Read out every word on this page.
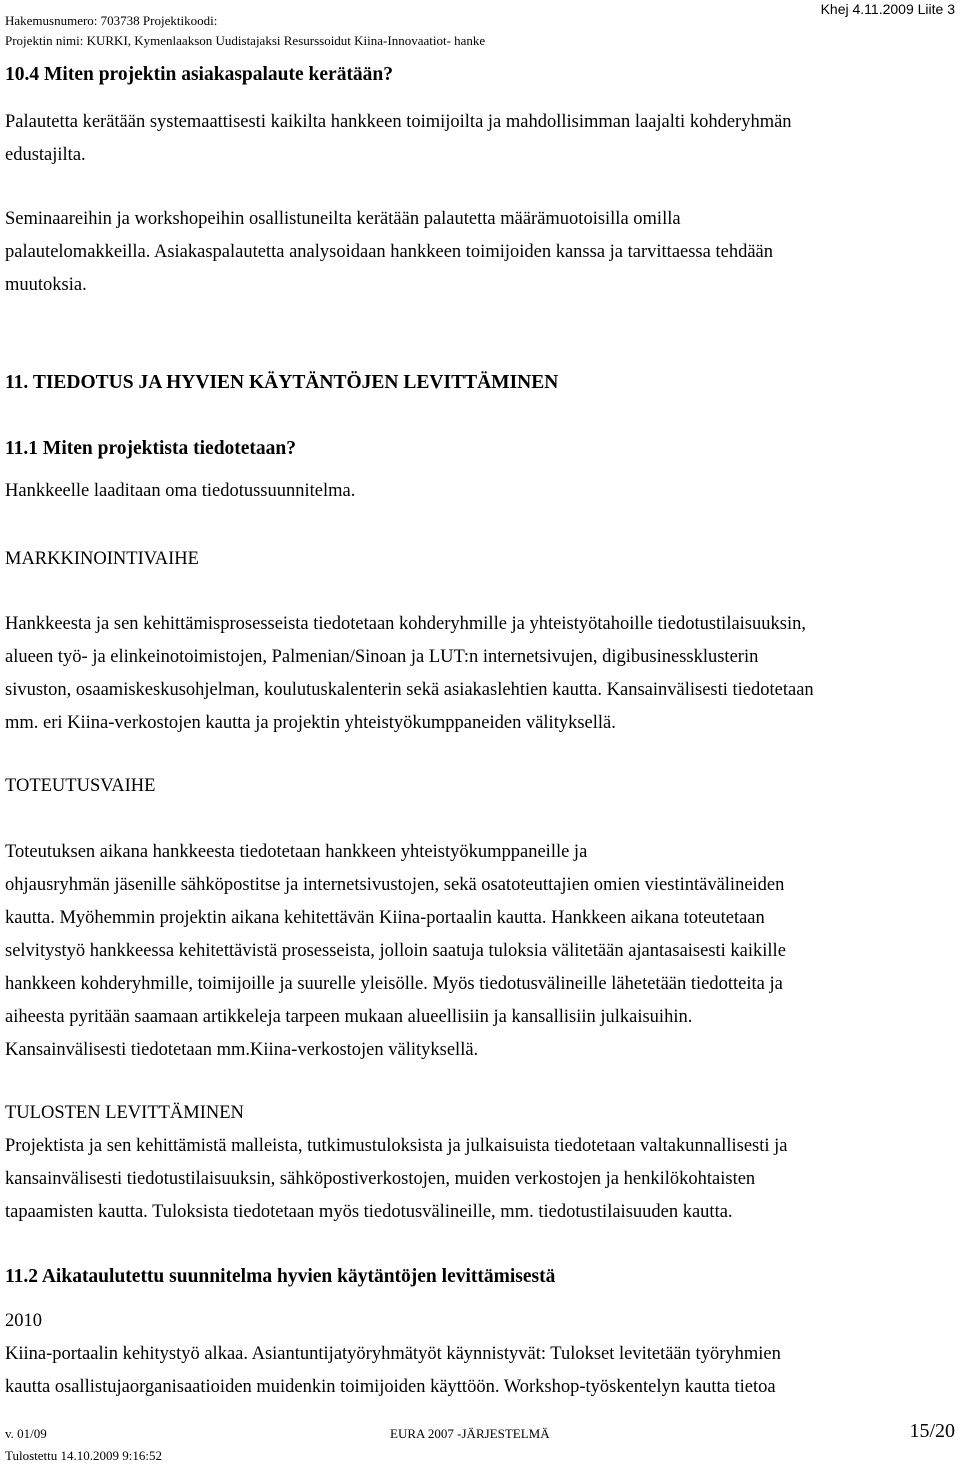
Hakemusnumero: 703738 Projektikoodi:
Projektin nimi: KURKI, Kymenlaakson Uudistajaksi Resurssoidut Kiina-Innovaatiot- hanke
Khej 4.11.2009 Liite 3
10.4 Miten projektin asiakaspalaute kerätään?
Palautetta kerätään systemaattisesti kaikilta hankkeen toimijoilta ja mahdollisimman laajalti kohderyhmän
edustajilta.
Seminaareihin ja workshopeihin osallistuneilta kerätään palautetta määrämuotoisilla omilla
palautelomakkeilla. Asiakaspalautetta analysoidaan hankkeen toimijoiden kanssa ja tarvittaessa tehdään
muutoksia.
11. TIEDOTUS JA HYVIEN KÄYTÄNTÖJEN LEVITTÄMINEN
11.1 Miten projektista tiedotetaan?
Hankkeelle laaditaan oma tiedotussuunnitelma.
MARKKINOINTIVAIHE
Hankkeesta ja sen kehittämisprosesseista tiedotetaan kohderyhmille ja yhteistyötahoille tiedotustilaisuuksin,
alueen työ- ja elinkeinotoimistojen, Palmenian/Sinoan ja LUT:n internetsivujen, digibusinessklusterin
sivuston, osaamiskeskusohjelman, koulutuskalenterin sekä asiakaslehtien kautta. Kansainvälisesti tiedotetaan
mm. eri Kiina-verkostojen kautta ja projektin yhteistyökumppaneiden välityksellä.
TOTEUTUSVAIHE
Toteutuksen aikana hankkeesta tiedotetaan hankkeen yhteistyökumppaneille ja
ohjausryhmän jäsenille sähköpostitse ja internetsivustojen, sekä osatoteuttajien omien viestintävälineiden
kautta. Myöhemmin projektin aikana kehitettävän Kiina-portaalin kautta. Hankkeen aikana toteutetaan
selvitystyö hankkeessa kehitettävistä prosesseista, jolloin saatuja tuloksia välitetään ajantasaisesti kaikille
hankkeen kohderyhmille, toimijoille ja suurelle yleisölle. Myös tiedotusvälineille lähetetään tiedotteita ja
aiheesta pyritään saamaan artikkeleja tarpeen mukaan alueellisiin ja kansallisiin julkaisuihin.
Kansainvälisesti tiedotetaan mm.Kiina-verkostojen välityksellä.
TULOSTEN LEVITTÄMINEN
Projektista ja sen kehittämistä malleista, tutkimustuloksista ja julkaisuista tiedotetaan valtakunnallisesti ja
kansainvälisesti tiedotustilaisuuksin, sähköpostiverkostojen, muiden verkostojen ja henkilökohtaisten
tapaamisten kautta. Tuloksista tiedotetaan myös tiedotusvälineille, mm. tiedotustilaisuuden kautta.
11.2 Aikataulutettu suunnitelma hyvien käytäntöjen levittämisestä
2010
Kiina-portaalin kehitystyö alkaa. Asiantuntijatyöryhmätyöt käynnistyvät: Tulokset levitetään työryhmien
kautta osallistujaorganisaatioiden muidenkin toimijoiden käyttöön. Workshop-työskentelyn kautta tietoa
v. 01/09	EURA 2007 -JÄRJESTELMÄ	15/20
Tulostettu 14.10.2009 9:16:52
